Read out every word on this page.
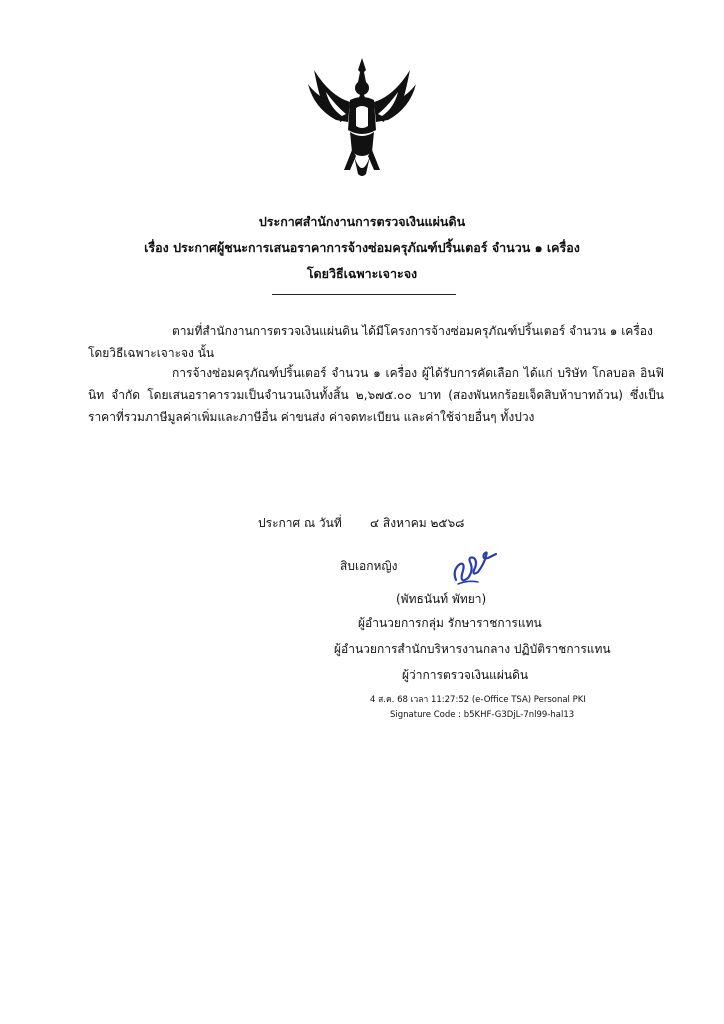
ประกาศสำนักงานการตรวจเงินแผ่นดิน
เรื่อง ประกาศผู้ชนะการเสนอราคาการจ้างซ่อมครุภัณฑ์ปริ้นเตอร์ จำนวน ๑ เครื่อง
โดยวิธีเฉพาะเจาะจง
ตามที่สำนักงานการตรวจเงินแผ่นดิน ได้มีโครงการจ้างซ่อมครุภัณฑ์ปริ้นเตอร์ จำนวน ๑ เครื่อง โดยวิธีเฉพาะเจาะจง นั้น
การจ้างซ่อมครุภัณฑ์ปริ้นเตอร์ จำนวน ๑ เครื่อง ผู้ได้รับการคัดเลือก ได้แก่ บริษัท โกลบอล อินฟินิท จำกัด โดยเสนอราคารวมเป็นจำนวนเงินทั้งสิ้น ๒,๖๗๕.๐๐ บาท (สองพันหกร้อยเจ็ดสิบห้าบาทถ้วน) ซึ่งเป็นราคาที่รวมภาษีมูลค่าเพิ่มและภาษีอื่น ค่าขนส่ง ค่าจดทะเบียน และค่าใช้จ่ายอื่นๆ ทั้งปวง
ประกาศ ณ วันที่ ๔ สิงหาคม ๒๕๖๘
สิบเอกหญิง
(พัทธนันท์ พัทยา)
ผู้อำนวยการกลุ่ม รักษาราชการแทน
ผู้อำนวยการสำนักบริหารงานกลาง ปฏิบัติราชการแทน
ผู้ว่าการตรวจเงินแผ่นดิน
4 ส.ค. 68 เวลา 11:27:52 (e-Office TSA) Personal PKI
Signature Code : b5KHF-G3DjL-7nl99-hal13
